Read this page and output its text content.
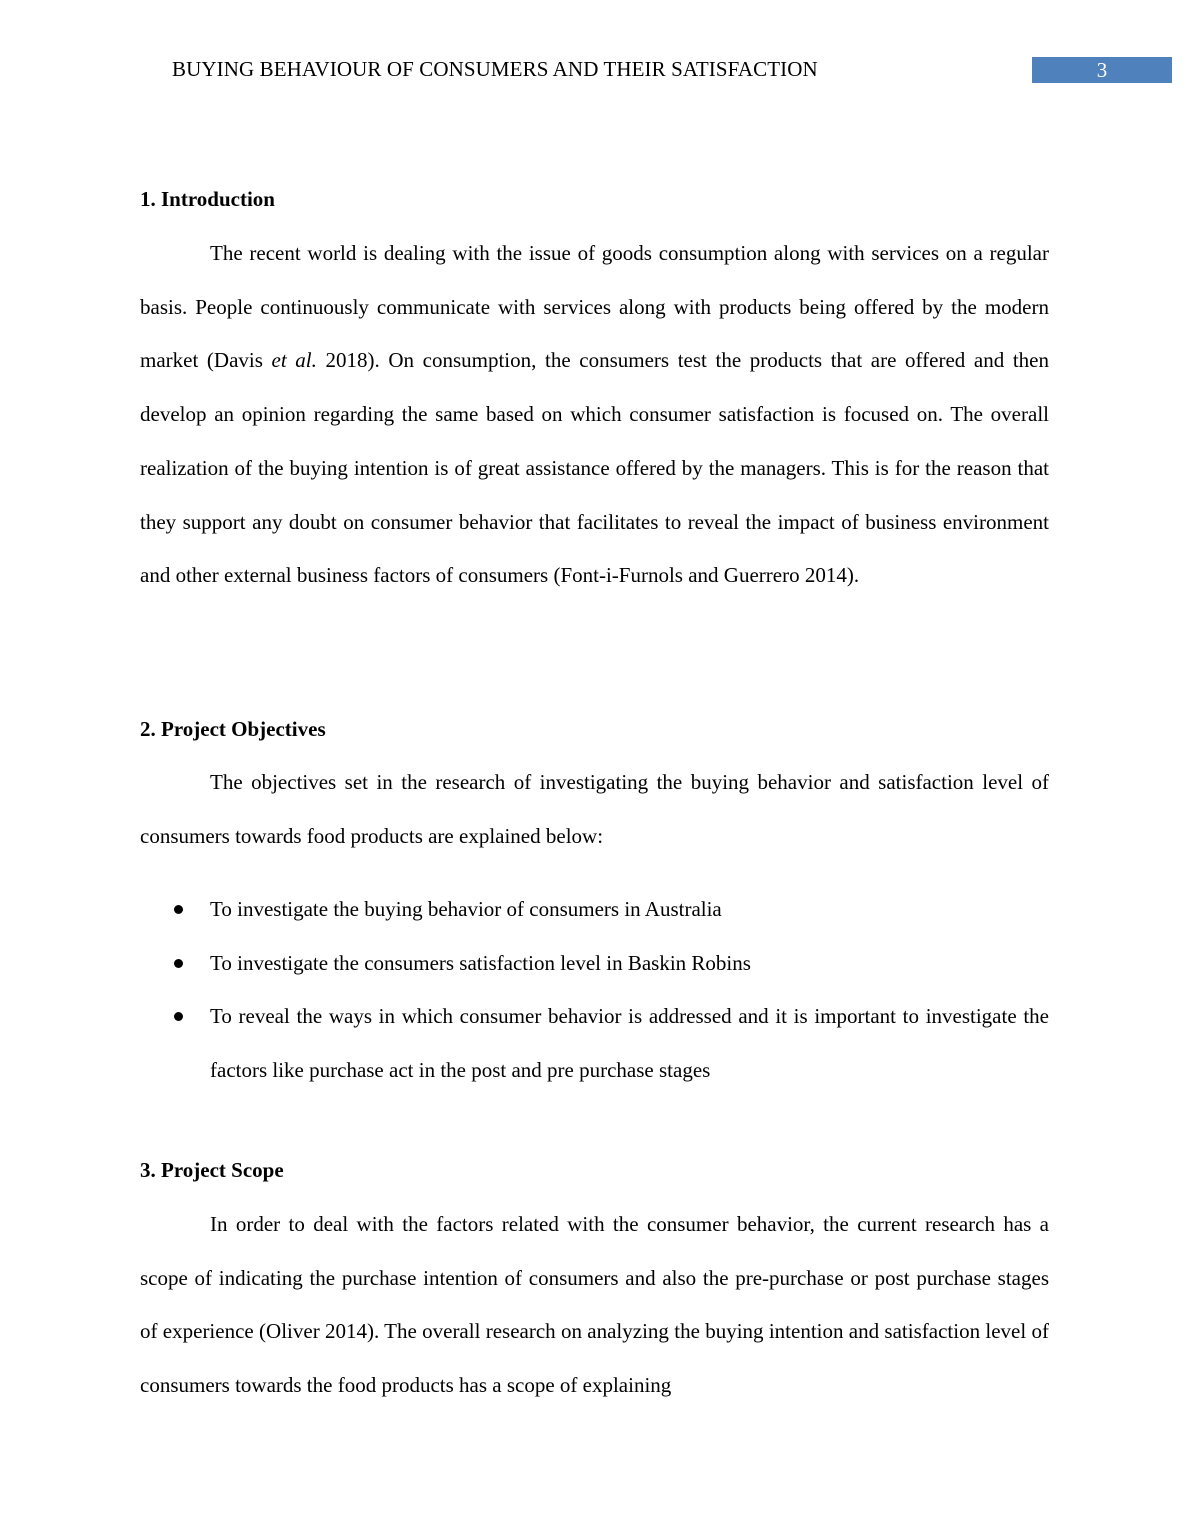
BUYING BEHAVIOUR OF CONSUMERS AND THEIR SATISFACTION	3
1. Introduction

The recent world is dealing with the issue of goods consumption along with services on a regular basis. People continuously communicate with services along with products being offered by the modern market (Davis et al. 2018). On consumption, the consumers test the products that are offered and then develop an opinion regarding the same based on which consumer satisfaction is focused on. The overall realization of the buying intention is of great assistance offered by the managers. This is for the reason that they support any doubt on consumer behavior that facilitates to reveal the impact of business environment and other external business factors of consumers (Font-i-Furnols and Guerrero 2014).

2. Project Objectives

The objectives set in the research of investigating the buying behavior and satisfaction level of consumers towards food products are explained below:

To investigate the buying behavior of consumers in Australia
To investigate the consumers satisfaction level in Baskin Robins
To reveal the ways in which consumer behavior is addressed and it is important to investigate the factors like purchase act in the post and pre purchase stages
3. Project Scope

In order to deal with the factors related with the consumer behavior, the current research has a scope of indicating the purchase intention of consumers and also the pre-purchase or post purchase stages of experience (Oliver 2014). The overall research on analyzing the buying intention and satisfaction level of consumers towards the food products has a scope of explaining
